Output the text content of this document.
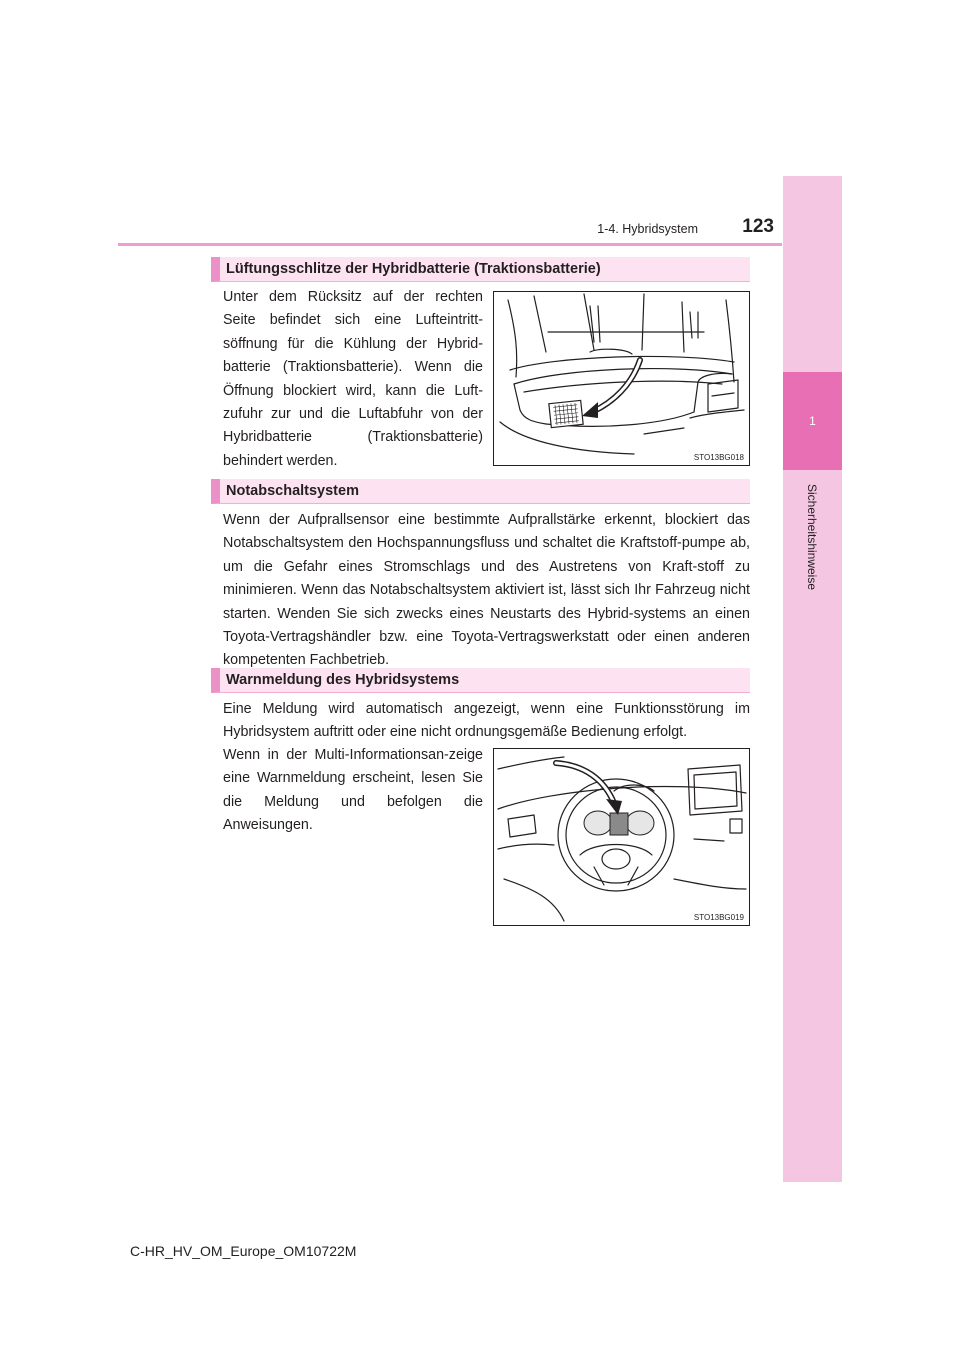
1-4. Hybridsystem	123
1
Sicherheitshinweise
Lüftungsschlitze der Hybridbatterie (Traktionsbatterie)

Unter dem Rücksitz auf der rechten Seite befindet sich eine Lufteintritt-söffnung für die Kühlung der Hybrid-batterie (Traktionsbatterie). Wenn die Öffnung blockiert wird, kann die Luft-zufuhr zur und die Luftabfuhr von der Hybridbatterie (Traktionsbatterie) behindert werden.	STO13BG018
Notabschaltsystem

Wenn der Aufprallsensor eine bestimmte Aufprallstärke erkennt, blockiert das Notabschaltsystem den Hochspannungsfluss und schaltet die Kraftstoff-pumpe ab, um die Gefahr eines Stromschlags und des Austretens von Kraft-stoff zu minimieren. Wenn das Notabschaltsystem aktiviert ist, lässt sich Ihr Fahrzeug nicht starten. Wenden Sie sich zwecks eines Neustarts des Hybrid-systems an einen Toyota-Vertragshändler bzw. eine Toyota-Vertragswerkstatt oder einen anderen kompetenten Fachbetrieb.

Warnmeldung des Hybridsystems

Eine Meldung wird automatisch angezeigt, wenn eine Funktionsstörung im Hybridsystem auftritt oder eine nicht ordnungsgemäße Bedienung erfolgt.

Wenn in der Multi-Informationsan-zeige eine Warnmeldung erscheint, lesen Sie die Meldung und befolgen die Anweisungen.

STO13BG019
C-HR_HV_OM_Europe_OM10722M
